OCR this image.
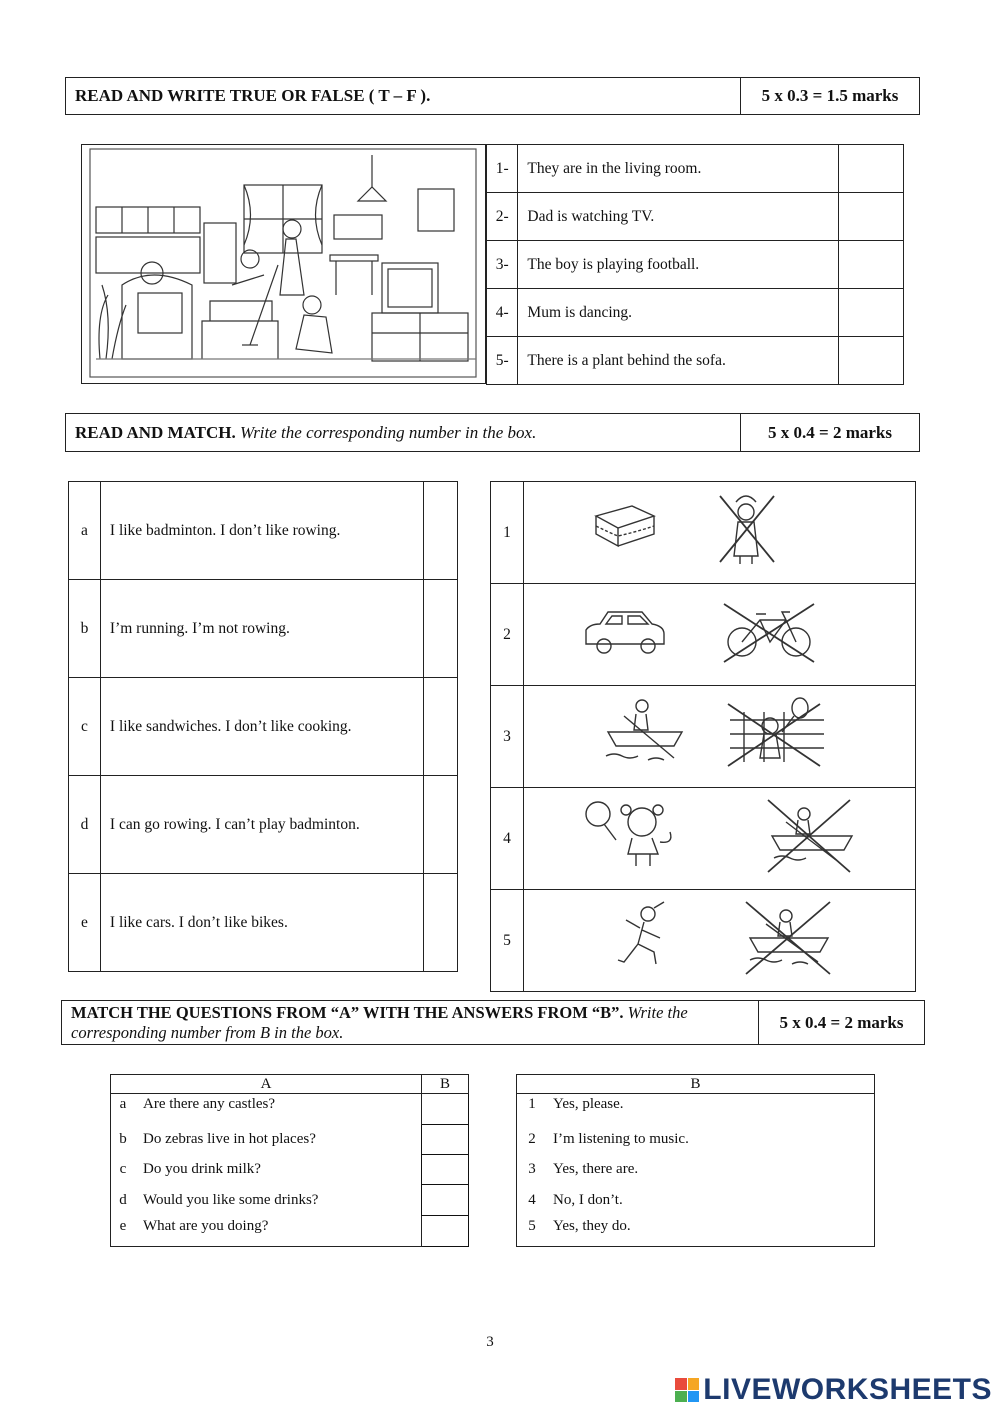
READ AND WRITE TRUE OR FALSE ( T – F ).	5 x 0.3 = 1.5 marks
1-	They are in the living room.	
2-	Dad is watching TV.	
3-	The boy is playing football.	
4-	Mum is dancing.	
5-	There is a plant behind the sofa.	
READ AND MATCH. Write the corresponding number in the box.	5 x 0.4 = 2 marks
a	I like badminton. I don’t like rowing.	
b	I’m running. I’m not rowing.	
c	I like sandwiches. I don’t like cooking.	
d	I can go rowing. I can’t play badminton.	
e	I like cars. I don’t like bikes.	
1	
2	
3	
4	
5	
MATCH THE QUESTIONS FROM “A” WITH THE ANSWERS FROM “B”. Write the corresponding number from B in the box.
5 x 0.4 = 2 marks
A		B
a	Are there any castles?	
b	Do zebras live in hot places?	
c	Do you drink milk?	
d	Would you like some drinks?	
e	What are you doing?	
B	
1	Yes, please.
2	I’m listening to music.
3	Yes, there are.
4	No, I don’t.
5	Yes, they do.
3
LIVEWORKSHEETS
